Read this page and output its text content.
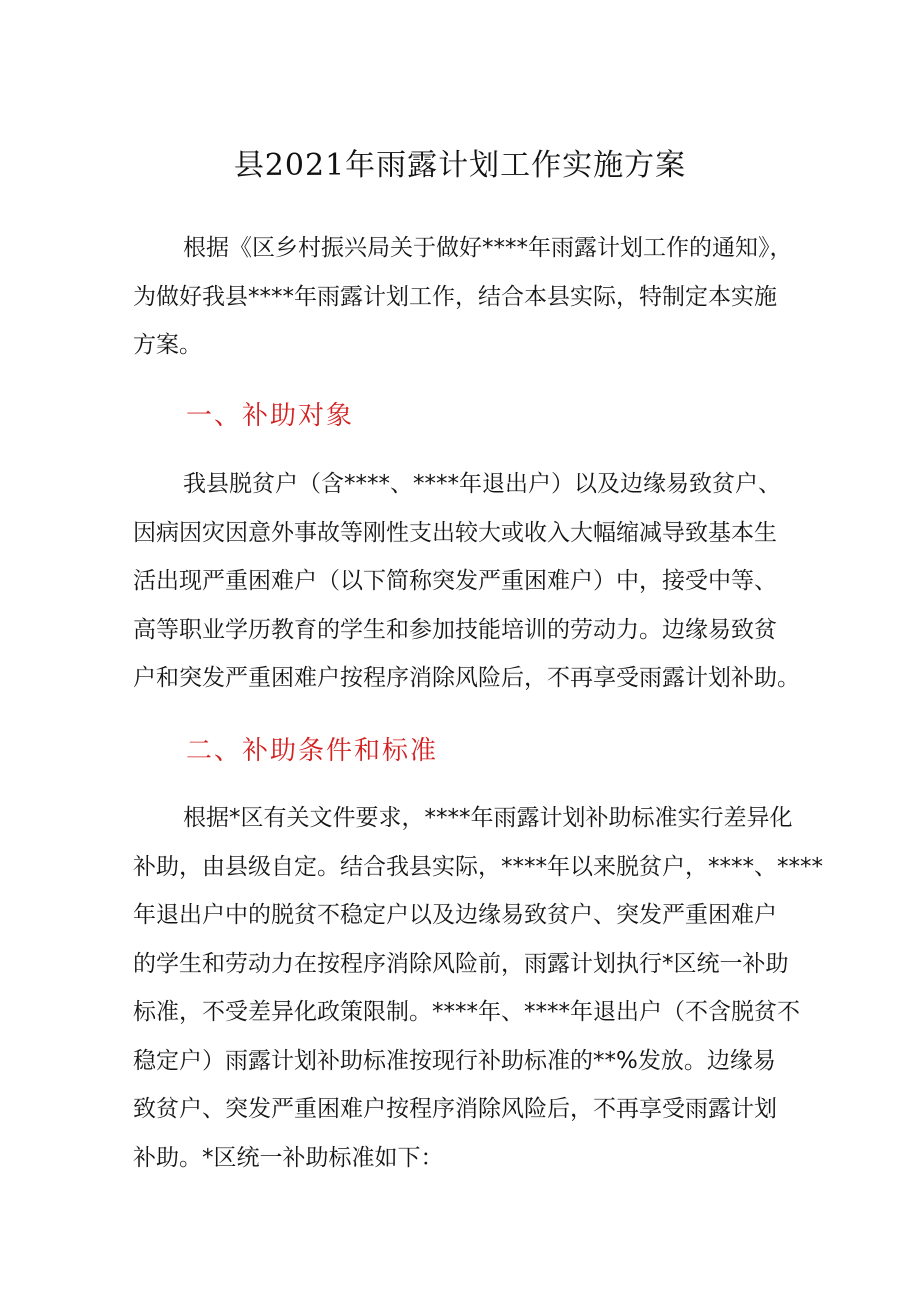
县2021年雨露计划工作实施方案
根据《区乡村振兴局关于做好****年雨露计划工作的通知》，
为做好我县****年雨露计划工作，结合本县实际，特制定本实施
方案。
一、补助对象
我县脱贫户（含****、****年退出户）以及边缘易致贫户、
因病因灾因意外事故等刚性支出较大或收入大幅缩减导致基本生
活出现严重困难户（以下简称突发严重困难户）中，接受中等、
高等职业学历教育的学生和参加技能培训的劳动力。边缘易致贫
户和突发严重困难户按程序消除风险后，不再享受雨露计划补助。
二、补助条件和标准
根据*区有关文件要求，****年雨露计划补助标准实行差异化
补助，由县级自定。结合我县实际，****年以来脱贫户，****、****
年退出户中的脱贫不稳定户以及边缘易致贫户、突发严重困难户
的学生和劳动力在按程序消除风险前，雨露计划执行*区统一补助
标准，不受差异化政策限制。****年、****年退出户（不含脱贫不
稳定户）雨露计划补助标准按现行补助标准的**%发放。边缘易
致贫户、突发严重困难户按程序消除风险后，不再享受雨露计划
补助。*区统一补助标准如下：
